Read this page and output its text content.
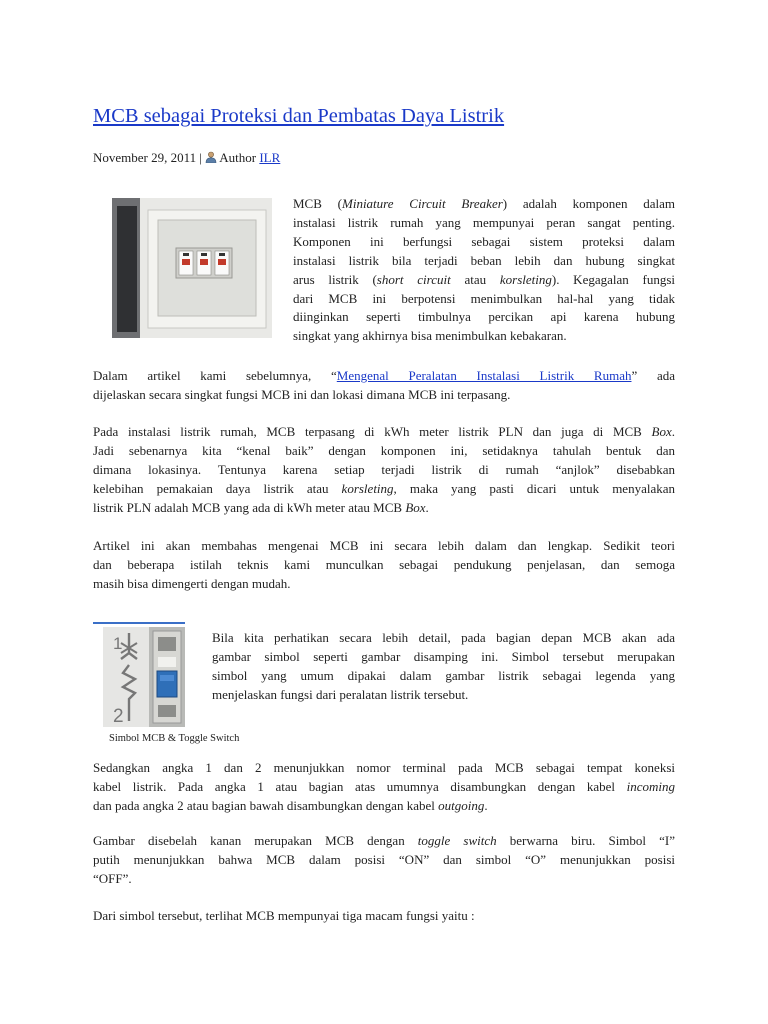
MCB sebagai Proteksi dan Pembatas Daya Listrik
November 29, 2011 | Author ILR
MCB (Miniature Circuit Breaker) adalah komponen dalam
instalasi listrik rumah yang mempunyai peran sangat penting.
Komponen ini berfungsi sebagai sistem proteksi dalam
instalasi listrik bila terjadi beban lebih dan hubung singkat
arus listrik (short circuit atau korsleting). Kegagalan fungsi
dari MCB ini berpotensi menimbulkan hal-hal yang tidak
diinginkan seperti timbulnya percikan api karena hubung
singkat yang akhirnya bisa menimbulkan kebakaran.
Dalam artikel kami sebelumnya, “Mengenal Peralatan Instalasi Listrik Rumah” ada
dijelaskan secara singkat fungsi MCB ini dan lokasi dimana MCB ini terpasang.
Pada instalasi listrik rumah, MCB terpasang di kWh meter listrik PLN dan juga di MCB Box.
Jadi sebenarnya kita “kenal baik” dengan komponen ini, setidaknya tahulah bentuk dan
dimana lokasinya. Tentunya karena setiap terjadi listrik di rumah “anjlok” disebabkan
kelebihan pemakaian daya listrik atau korsleting, maka yang pasti dicari untuk menyalakan
listrik PLN adalah MCB yang ada di kWh meter atau MCB Box.
Artikel ini akan membahas mengenai MCB ini secara lebih dalam dan lengkap. Sedikit teori
dan beberapa istilah teknis kami munculkan sebagai pendukung penjelasan, dan semoga
masih bisa dimengerti dengan mudah.
1
2
Bila kita perhatikan secara lebih detail, pada bagian depan MCB akan ada
gambar simbol seperti gambar disamping ini. Simbol tersebut merupakan
simbol yang umum dipakai dalam gambar listrik sebagai legenda yang
menjelaskan fungsi dari peralatan listrik tersebut.
Simbol MCB & Toggle Switch
Sedangkan angka 1 dan 2 menunjukkan nomor terminal pada MCB sebagai tempat koneksi
kabel listrik. Pada angka 1 atau bagian atas umumnya disambungkan dengan kabel incoming
dan pada angka 2 atau bagian bawah disambungkan dengan kabel outgoing.
Gambar disebelah kanan merupakan MCB dengan toggle switch berwarna biru. Simbol “I”
putih menunjukkan bahwa MCB dalam posisi “ON” dan simbol “O” menunjukkan posisi
“OFF”.
Dari simbol tersebut, terlihat MCB mempunyai tiga macam fungsi yaitu :
